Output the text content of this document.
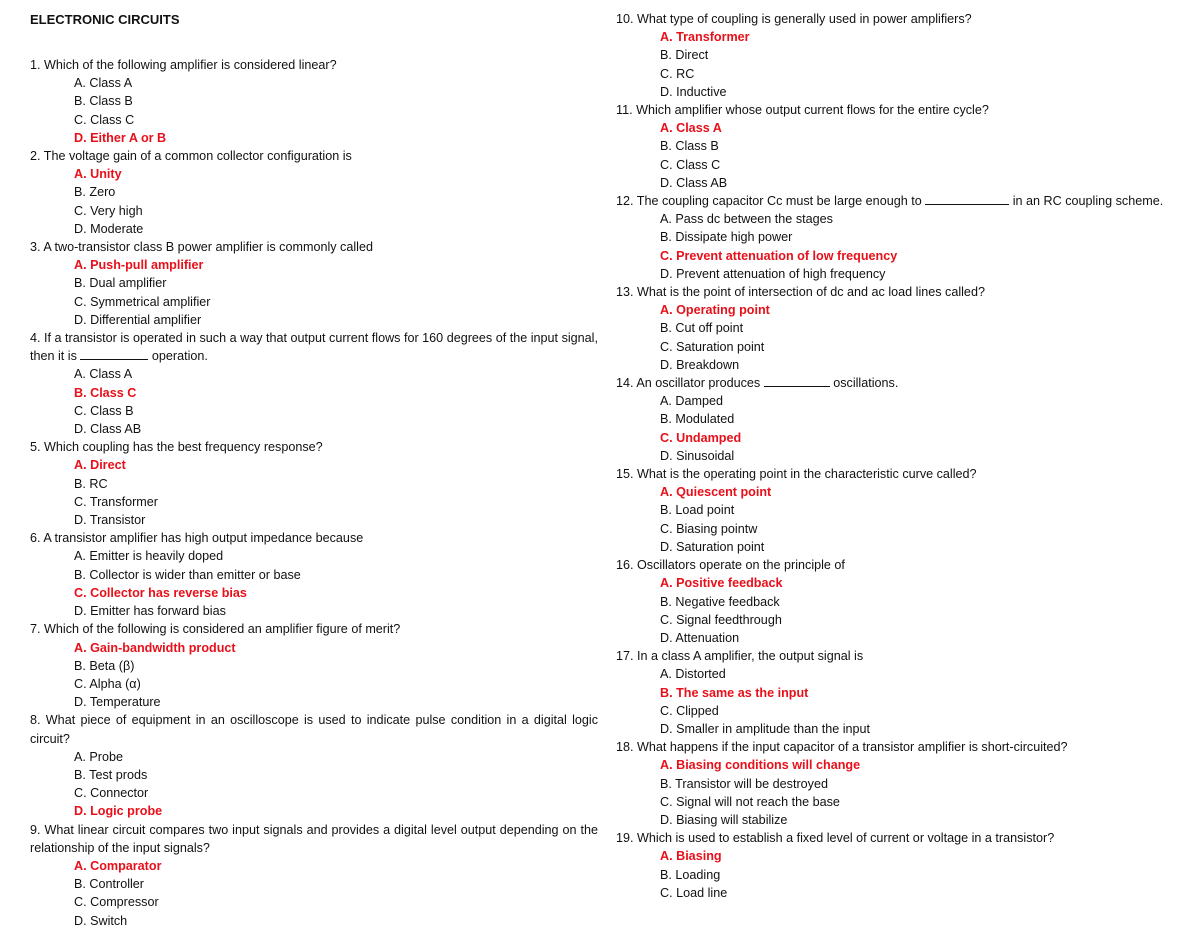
ELECTRONIC CIRCUITS
1. Which of the following amplifier is considered linear?
A. Class A
B. Class B
C. Class C
D. Either A or B
2. The voltage gain of a common collector configuration is
A. Unity
B. Zero
C. Very high
D. Moderate
3. A two-transistor class B power amplifier is commonly called
A. Push-pull amplifier
B. Dual amplifier
C. Symmetrical amplifier
D. Differential amplifier
4. If a transistor is operated in such a way that output current flows for 160 degrees of the input signal, then it is	operation.
A. Class A
B. Class C
C. Class B
D. Class AB
5. Which coupling has the best frequency response?
A. Direct
B. RC
C. Transformer
D. Transistor
6. A transistor amplifier has high output impedance because
A. Emitter is heavily doped
B. Collector is wider than emitter or base
C. Collector has reverse bias
D. Emitter has forward bias
7. Which of the following is considered an amplifier figure of merit?
A. Gain-bandwidth product
B. Beta (β)
C. Alpha (α)
D. Temperature
8. What piece of equipment in an oscilloscope is used to indicate pulse condition in a digital logic circuit?
A. Probe
B. Test prods
C. Connector
D. Logic probe
9. What linear circuit compares two input signals and provides a digital level output depending on the relationship of the input signals?
A. Comparator
B. Controller
C. Compressor
D. Switch
10. What type of coupling is generally used in power amplifiers?
A. Transformer
B. Direct
C. RC
D. Inductive
11. Which amplifier whose output current flows for the entire cycle?
A. Class A
B. Class B
C. Class C
D. Class AB
12. The coupling capacitor Cc must be large enough to	in an RC coupling scheme.
A. Pass dc between the stages
B. Dissipate high power
C. Prevent attenuation of low frequency
D. Prevent attenuation of high frequency
13. What is the point of intersection of dc and ac load lines called?
A. Operating point
B. Cut off point
C. Saturation point
D. Breakdown
14. An oscillator produces	oscillations.
A. Damped
B. Modulated
C. Undamped
D. Sinusoidal
15. What is the operating point in the characteristic curve called?
A. Quiescent point
B. Load point
C. Biasing pointw
D. Saturation point
16. Oscillators operate on the principle of
A. Positive feedback
B. Negative feedback
C. Signal feedthrough
D. Attenuation
17. In a class A amplifier, the output signal is
A. Distorted
B. The same as the input
C. Clipped
D. Smaller in amplitude than the input
18. What happens if the input capacitor of a transistor amplifier is short-circuited?
A. Biasing conditions will change
B. Transistor will be destroyed
C. Signal will not reach the base
D. Biasing will stabilize
19. Which is used to establish a fixed level of current or voltage in a transistor?
A. Biasing
B. Loading
C. Load line
